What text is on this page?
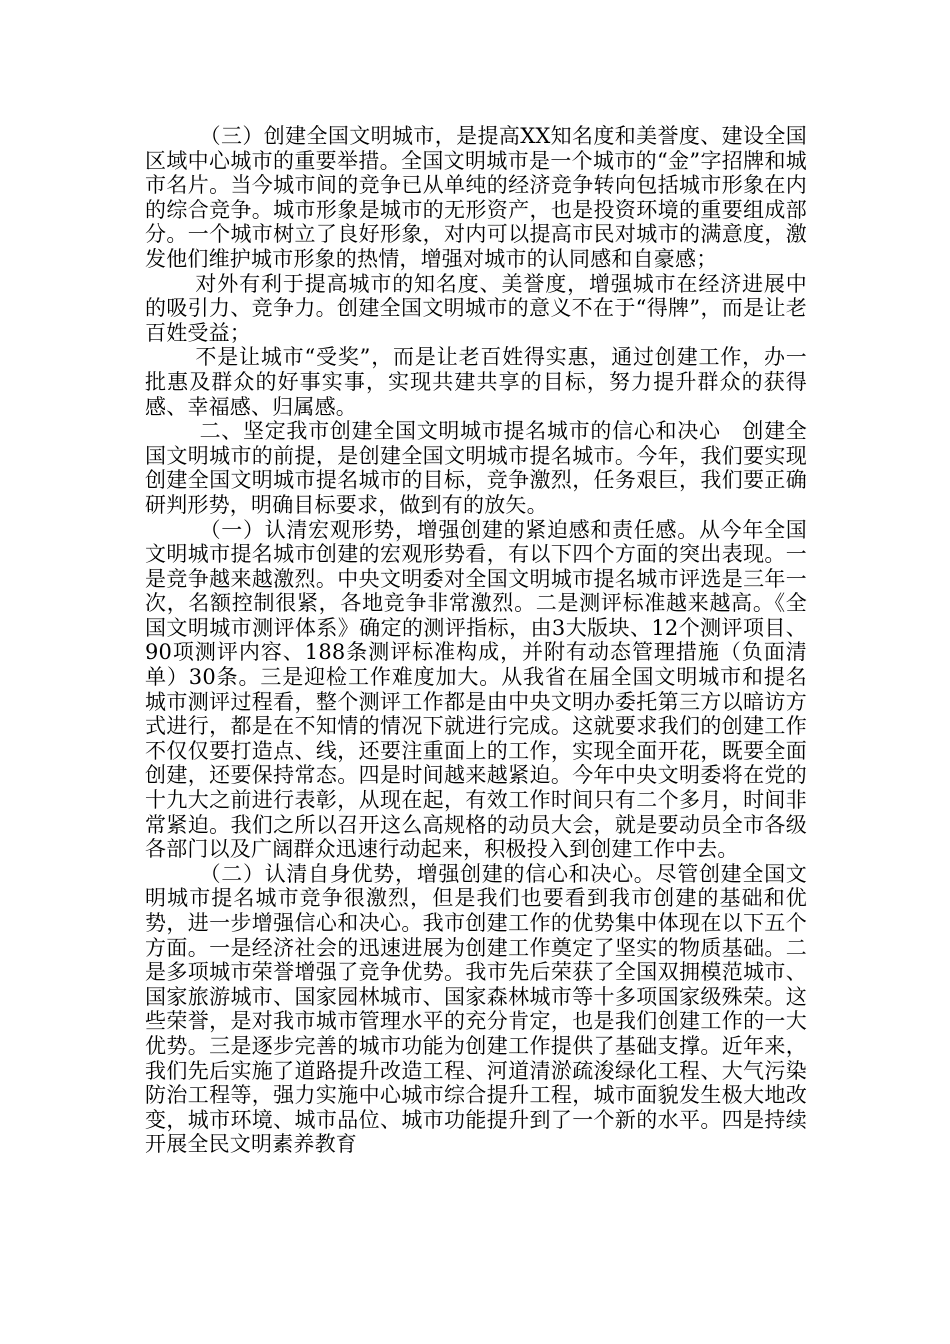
（三）创建全国文明城市，是提高XX知名度和美誉度、建设全国区域中心城市的重要举措。全国文明城市是一个城市的“金”字招牌和城市名片。当今城市间的竞争已从单纯的经济竞争转向包括城市形象在内的综合竞争。城市形象是城市的无形资产，也是投资环境的重要组成部分。一个城市树立了良好形象，对内可以提高市民对城市的满意度，激发他们维护城市形象的热情，增强对城市的认同感和自豪感；

对外有利于提高城市的知名度、美誉度，增强城市在经济进展中的吸引力、竞争力。创建全国文明城市的意义不在于“得牌”，而是让老百姓受益；

不是让城市“受奖”，而是让老百姓得实惠，通过创建工作，办一批惠及群众的好事实事，实现共建共享的目标，努力提升群众的获得感、幸福感、归属感。

二、坚定我市创建全国文明城市提名城市的信心和决心　创建全国文明城市的前提，是创建全国文明城市提名城市。今年，我们要实现创建全国文明城市提名城市的目标，竞争激烈，任务艰巨，我们要正确研判形势，明确目标要求，做到有的放矢。

（一）认清宏观形势，增强创建的紧迫感和责任感。从今年全国文明城市提名城市创建的宏观形势看，有以下四个方面的突出表现。一是竞争越来越激烈。中央文明委对全国文明城市提名城市评选是三年一次，名额控制很紧，各地竞争非常激烈。二是测评标准越来越高。《全国文明城市测评体系》确定的测评指标，由3大版块、12个测评项目、90项测评内容、188条测评标准构成，并附有动态管理措施（负面清单）30条。三是迎检工作难度加大。从我省在届全国文明城市和提名城市测评过程看，整个测评工作都是由中央文明办委托第三方以暗访方式进行，都是在不知情的情况下就进行完成。这就要求我们的创建工作不仅仅要打造点、线，还要注重面上的工作，实现全面开花，既要全面创建，还要保持常态。四是时间越来越紧迫。今年中央文明委将在党的十九大之前进行表彰，从现在起，有效工作时间只有二个多月，时间非常紧迫。我们之所以召开这么高规格的动员大会，就是要动员全市各级各部门以及广阔群众迅速行动起来，积极投入到创建工作中去。

（二）认清自身优势，增强创建的信心和决心。尽管创建全国文明城市提名城市竞争很激烈，但是我们也要看到我市创建的基础和优势，进一步增强信心和决心。我市创建工作的优势集中体现在以下五个方面。一是经济社会的迅速进展为创建工作奠定了坚实的物质基础。二是多项城市荣誉增强了竞争优势。我市先后荣获了全国双拥模范城市、国家旅游城市、国家园林城市、国家森林城市等十多项国家级殊荣。这些荣誉，是对我市城市管理水平的充分肯定，也是我们创建工作的一大优势。三是逐步完善的城市功能为创建工作提供了基础支撑。近年来，我们先后实施了道路提升改造工程、河道清淤疏浚绿化工程、大气污染防治工程等，强力实施中心城市综合提升工程，城市面貌发生极大地改变，城市环境、城市品位、城市功能提升到了一个新的水平。四是持续开展全民文明素养教育
